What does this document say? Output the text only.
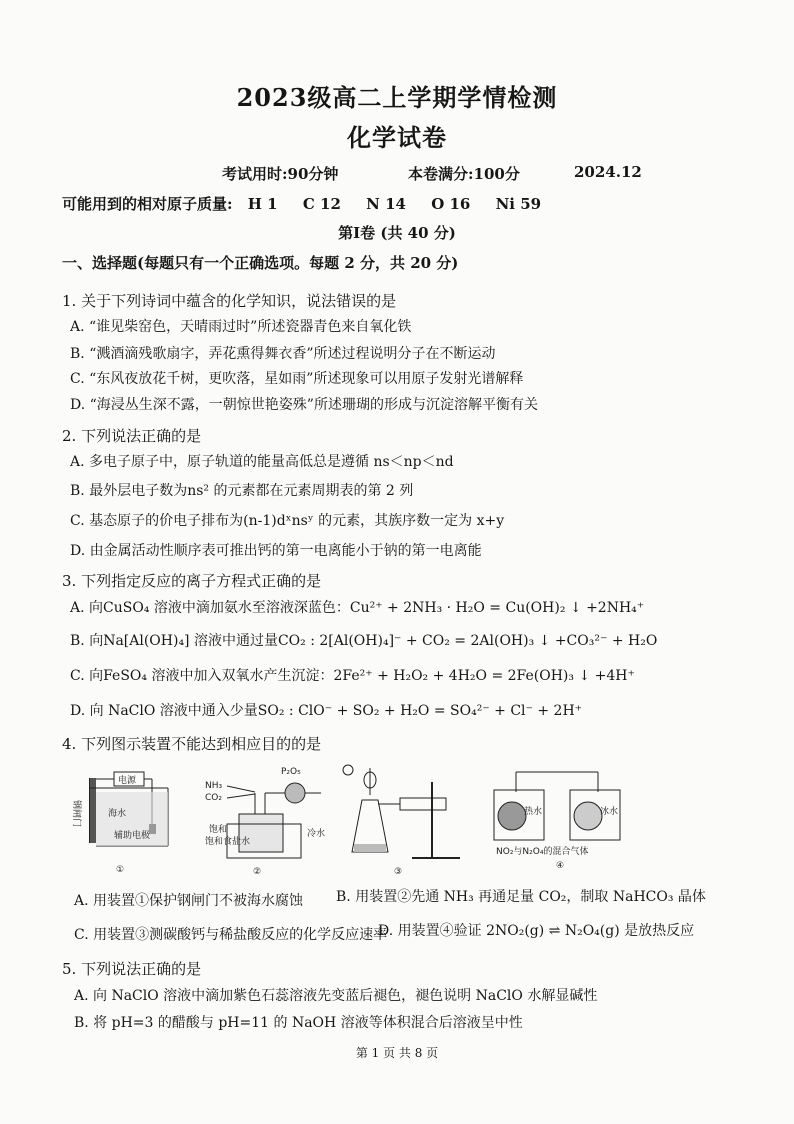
2023级高二上学期学情检测
化学试卷
考试用时:90分钟	本卷满分:100分	2024.12
可能用到的相对原子质量: H 1 C 12 N 14 O 16 Ni 59
第Ⅰ卷 (共 40 分)
一、选择题(每题只有一个正确选项。每题 2 分，共 20 分)
1. 关于下列诗词中蕴含的化学知识，说法错误的是
A. “谁见柴窑色，天晴雨过时”所述瓷器青色来自氧化铁
B. “溅酒滴残歌扇字，弄花熏得舞衣香”所述过程说明分子在不断运动
C. “东风夜放花千树，更吹落，星如雨”所述现象可以用原子发射光谱解释
D. “海浸丛生深不露，一朝惊世艳姿殊”所述珊瑚的形成与沉淀溶解平衡有关
2. 下列说法正确的是
A. 多电子原子中，原子轨道的能量高低总是遵循 ns＜np＜nd
B. 最外层电子数为ns² 的元素都在元素周期表的第 2 列
C. 基态原子的价电子排布为(n-1)dˣnsʸ 的元素，其族序数一定为 x+y
D. 由金属活动性顺序表可推出钙的第一电离能小于钠的第一电离能
3. 下列指定反应的离子方程式正确的是
A. 向CuSO₄ 溶液中滴加氨水至溶液深蓝色：Cu²⁺ + 2NH₃ · H₂O = Cu(OH)₂ ↓ +2NH₄⁺
B. 向Na[Al(OH)₄] 溶液中通过量CO₂ : 2[Al(OH)₄]⁻ + CO₂ = 2Al(OH)₃ ↓ +CO₃²⁻ + H₂O
C. 向FeSO₄ 溶液中加入双氧水产生沉淀：2Fe²⁺ + H₂O₂ + 4H₂O = 2Fe(OH)₃ ↓ +4H⁺
D. 向 NaClO 溶液中通入少量SO₂ : ClO⁻ + SO₂ + H₂O = SO₄²⁻ + Cl⁻ + 2H⁺
4. 下列图示装置不能达到相应目的的是
电源
海水
辅助电极
钢闸门
①
NH₃
CO₂
P₂O₅
饱和
饱和食盐水
冷水
②	③
热水	冰水
NO₂与N₂O₄的混合气体
④
A. 用装置①保护钢闸门不被海水腐蚀 B. 用装置②先通 NH₃ 再通足量 CO₂，制取 NaHCO₃ 晶体
C. 用装置③测碳酸钙与稀盐酸反应的化学反应速率
D. 用装置④验证 2NO₂(g) ⇌ N₂O₄(g) 是放热反应
5. 下列说法正确的是
A. 向 NaClO 溶液中滴加紫色石蕊溶液先变蓝后褪色，褪色说明 NaClO 水解显碱性
B. 将 pH=3 的醋酸与 pH=11 的 NaOH 溶液等体积混合后溶液呈中性
第 1 页 共 8 页
